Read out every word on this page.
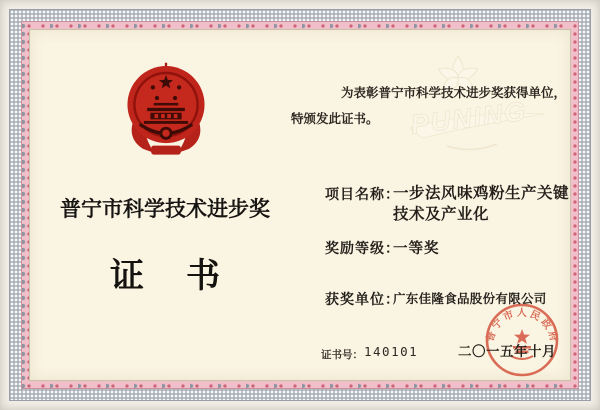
PUNING
普宁市科学技术进步奖
证 书
为表彰普宁市科学技术进步奖获得单位，
特颁发此证书。
项目名称：
一步法风味鸡粉生产关键
技术及产业化
奖励等级：
一等奖
获奖单位：
广东佳隆食品股份有限公司
证书号： 140101
普宁市人民政府
二〇一五年十月
